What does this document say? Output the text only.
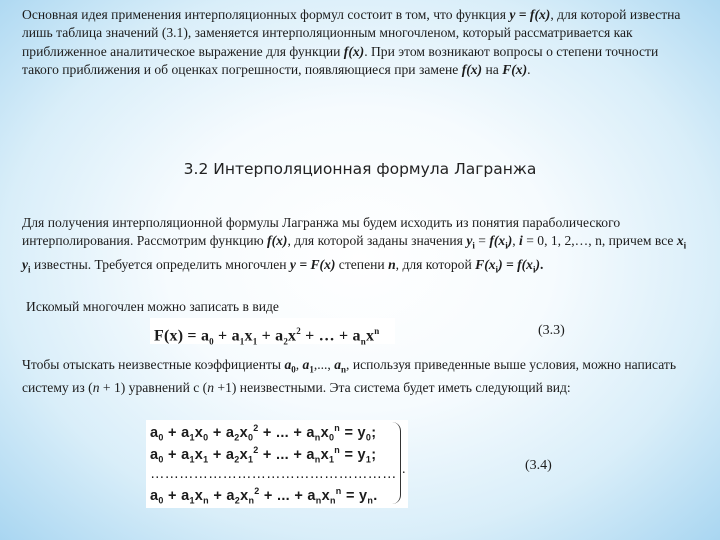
Основная идея применения интерполяционных формул состоит в том, что функция y = f(x), для которой известна лишь таблица значений (3.1), заменяется интерполяционным многочленом, который рассматривается как приближенное аналитическое выражение для функции f(x). При этом возникают вопросы о степени точности такого приближения и об оценках погрешности, появляющиеся при замене f(x) на F(x).

3.2 Интерполяционная формула Лагранжа

Для получения интерполяционной формулы Лагранжа мы будем исходить из понятия параболического интерполирования. Рассмотрим функцию f(x), для которой заданы значения $y_i = f(x_i)$, i = 0, 1, 2,…, n, причем все $x_i$ $y_i$ известны. Требуется определить многочлен y = F(x) степени n, для которой $F(x_i) = f(x_i)$.

Искомый многочлен можно записать в виде

$F(x) = a_0 + a_1x_1 + a_2x^2$ + … + $a_nx^n$	(3.3)

Чтобы отыскать неизвестные коэффициенты $a_0$, $a_1$,..., $a_n$, используя приведенные выше условия, можно написать систему из (n + 1) уравнений с (n +1) неизвестными. Эта система будет иметь следующий вид:

$a_0 + a_1x_0 + a_2x_0^2$ + ... + $a_nx_0^n = y_0$;
$a_0 + a_1x_1 + a_2x_1^2$ + ... + $a_nx_1^n = y_1$;
……………………………………………
$a_0 + a_1x_n + a_2x_n^2$ + ... + $a_nx_n^n = y_n$.
.	(3.4)
